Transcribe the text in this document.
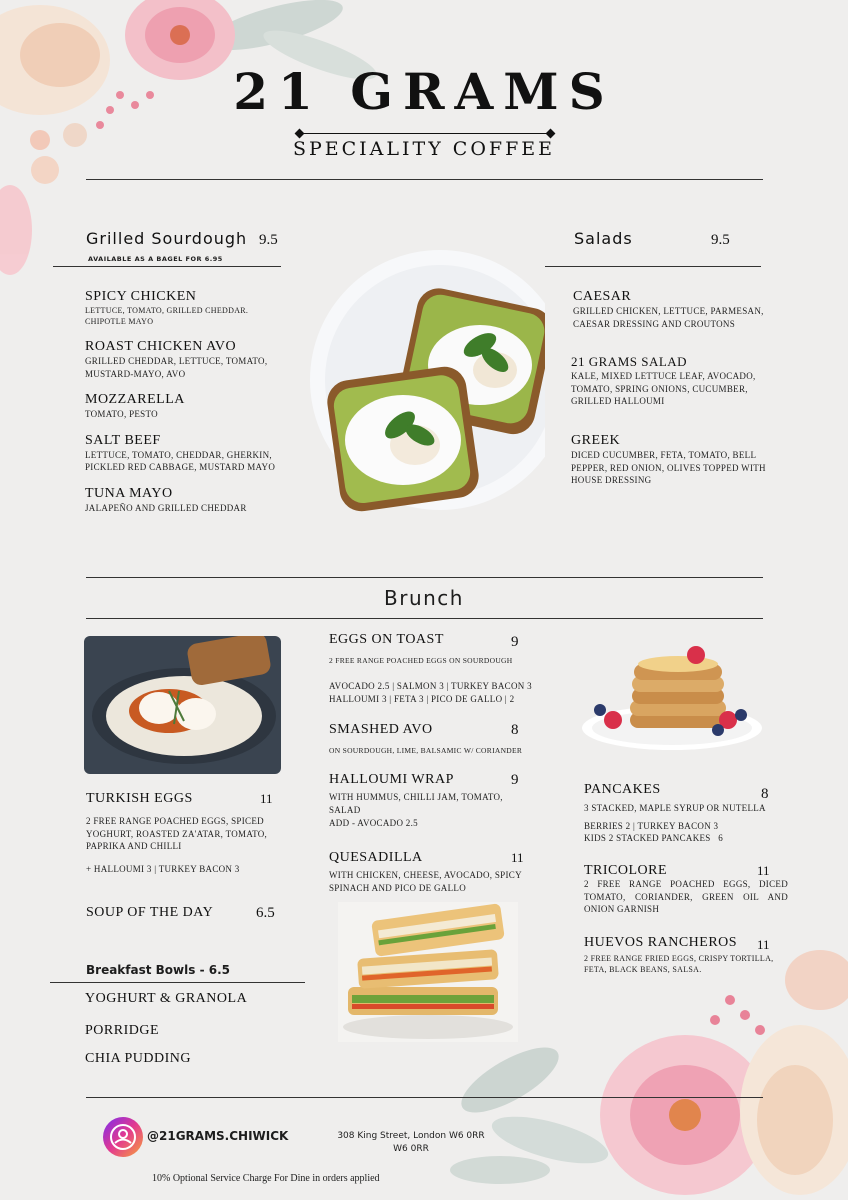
21 GRAMS
SPECIALITY COFFEE
Grilled Sourdough 9.5
AVAILABLE AS A BAGEL FOR 6.95
SPICY CHICKEN
LETTUCE, TOMATO, GRILLED CHEDDAR. CHIPOTLE MAYO
ROAST CHICKEN AVO
GRILLED CHEDDAR, LETTUCE, TOMATO, MUSTARD-MAYO, AVO
MOZZARELLA
TOMATO, PESTO
SALT BEEF
LETTUCE, TOMATO, CHEDDAR, GHERKIN, PICKLED RED CABBAGE, MUSTARD MAYO
TUNA MAYO
JALAPEÑO AND GRILLED CHEDDAR
Salads	9.5
CAESAR
GRILLED CHICKEN, LETTUCE, PARMESAN, CAESAR DRESSING AND CROUTONS
21 GRAMS SALAD
KALE, MIXED LETTUCE LEAF, AVOCADO, TOMATO, SPRING ONIONS, CUCUMBER, GRILLED HALLOUMI
GREEK
DICED CUCUMBER, FETA, TOMATO, BELL PEPPER, RED ONION, OLIVES TOPPED WITH HOUSE DRESSING
Brunch
TURKISH EGGS	11
2 FREE RANGE POACHED EGGS, SPICED YOGHURT, ROASTED ZA'ATAR, TOMATO, PAPRIKA AND CHILLI
+ HALLOUMI 3 | TURKEY BACON 3
SOUP OF THE DAY	6.5
Breakfast Bowls - 6.5
YOGHURT & GRANOLA
PORRIDGE
CHIA PUDDING
EGGS ON TOAST	9
2 FREE RANGE POACHED EGGS ON SOURDOUGH
AVOCADO 2.5 | SALMON 3 | TURKEY BACON 3 HALLOUMI 3 | FETA 3 | PICO DE GALLO | 2
SMASHED AVO	8
ON SOURDOUGH, LIME, BALSAMIC W/ CORIANDER
HALLOUMI WRAP	9
WITH HUMMUS, CHILLI JAM, TOMATO, SALAD
ADD - AVOCADO 2.5
QUESADILLA	11
WITH CHICKEN, CHEESE, AVOCADO, SPICY SPINACH AND PICO DE GALLO
PANCAKES	8
3 STACKED, MAPLE SYRUP OR NUTELLA
BERRIES 2 | TURKEY BACON 3
KIDS 2 STACKED PANCAKES   6
TRICOLORE	11
2 FREE RANGE POACHED EGGS, DICED TOMATO, CORIANDER, GREEN OIL AND ONION GARNISH
HUEVOS RANCHEROS 11
2 FREE RANGE FRIED EGGS, CRISPY TORTILLA, FETA, BLACK BEANS, SALSA.
@21GRAMS.CHIWICK	308 King Street, London W6 0RR W6 0RR
10% Optional Service Charge For Dine in orders applied
